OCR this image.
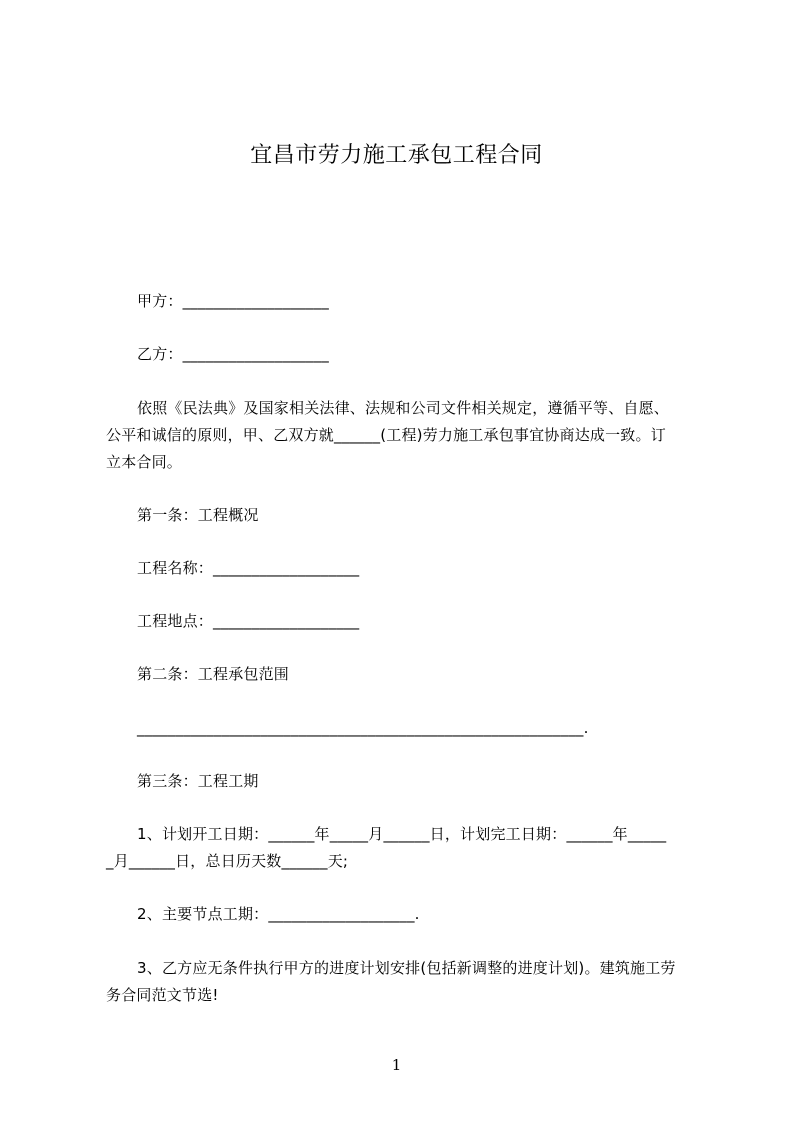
宜昌市劳力施工承包工程合同
甲方：___________________
乙方：___________________
依照《民法典》及国家相关法律、法规和公司文件相关规定，遵循平等、自愿、
公平和诚信的原则，甲、乙双方就______(工程)劳力施工承包事宜协商达成一致。订
立本合同。
第一条：工程概况
工程名称：___________________
工程地点：___________________
第二条：工程承包范围
__________________________________________________________.
第三条：工程工期
1、计划开工日期：______年_____月______日，计划完工日期：______年_____
_月______日，总日历天数______天;
2、主要节点工期：___________________.
3、乙方应无条件执行甲方的进度计划安排(包括新调整的进度计划)。建筑施工劳
务合同范文节选!
1
